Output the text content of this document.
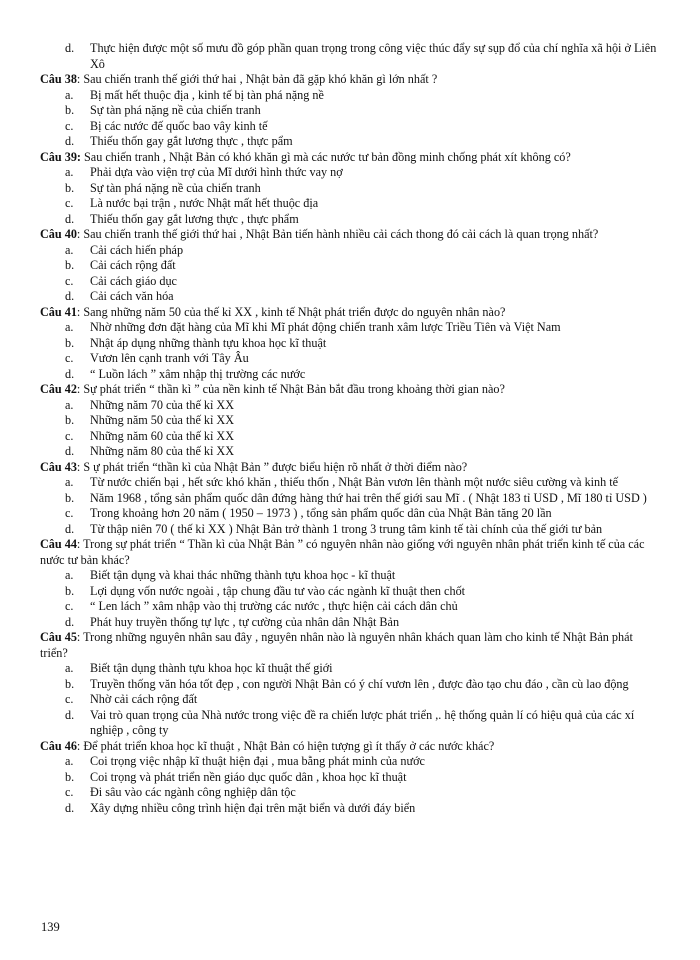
d. Thực hiện được một số mưu đồ góp phần quan trọng trong công việc thúc đẩy sự sụp đổ của chí nghĩa xã hội ở Liên Xô
Câu 38: Sau chiến tranh thế giới thứ hai , Nhật bản đã gặp khó khăn gì lớn nhất ?
a. Bị mất hết thuộc địa , kinh tế bị tàn phá nặng nề
b. Sự tàn phá nặng nề của chiến tranh
c. Bị các nước đế quốc bao vây kinh tế
d. Thiếu thốn gay gắt lương thực , thực pẩm
Câu 39: Sau chiến tranh , Nhật Bản có khó khăn gì mà các nước tư bản đồng minh chống phát xít không có?
a. Phải dựa vào viện trợ của Mĩ dưới hình thức vay nợ
b. Sự tàn phá nặng nề của chiến tranh
c. Là nước bại trận , nước Nhật mất hết thuộc địa
d. Thiếu thốn gay gắt lương thực , thực phẩm
Câu 40: Sau chiến tranh thế giới thứ hai , Nhật Bản tiến hành nhiều cải cách thong đó cải cách là quan trọng nhất?
a. Cải cách hiến pháp
b. Cải cách rộng đất
c. Cải cách giáo dục
d. Cải cách văn hóa
Câu 41: Sang những năm 50 của thế kỉ XX , kinh tế Nhật phát triển được do nguyên nhân nào?
a. Nhờ những đơn đặt hàng của Mĩ khi Mĩ phát động chiến tranh xâm lược Triều Tiên và Việt Nam
b. Nhật áp dụng những thành tựu khoa học kĩ thuật
c. Vươn lên cạnh tranh với Tây Âu
d. “ Luồn lách ” xâm nhập thị trường các nước
Câu 42: Sự phát triển “ thần kì ” của nền kinh tế Nhật Bản bắt đầu trong khoảng thời gian nào?
a. Những năm 70 của thế kỉ XX
b. Những năm 50 của thế kỉ XX
c. Những năm 60 của thế kỉ XX
d. Những năm 80 của thế kỉ XX
Câu 43: S ự phát triển “thần kì của Nhật Bản ” được biểu hiện rõ nhất ở thời điểm nào?
a. Từ nước chiến bại , hết sức khó khăn , thiếu thốn , Nhật Bản vươn lên thành một nước siêu cường và kinh tế
b. Năm 1968 , tổng sản phẩm quốc dân đứng hàng thứ hai trên thế giới sau Mĩ . ( Nhật 183 tỉ USD , Mĩ 180 tỉ USD )
c. Trong khoảng hơn 20 năm ( 1950 – 1973 ) , tổng sản phẩm quốc dân của Nhật Bản tăng 20 lần
d. Từ thập niên 70 ( thế kỉ XX ) Nhật Bản trở thành 1 trong 3 trung tâm kinh tế tài chính của thế giới tư bản
Câu 44: Trong sự phát triển “ Thần kì của Nhật Bản ” có nguyên nhân nào giống với nguyên nhân phát triển kinh tế của các nước tư bản khác?
a. Biết tận dụng và khai thác những thành tựu khoa học - kĩ thuật
b. Lợi dụng vốn nước ngoài , tập chung đầu tư vào các ngành kĩ thuật then chốt
c. “ Len lách ” xâm nhập vào thị trường các nước , thực hiện cải cách dân chủ
d. Phát huy truyền thống tự lực , tự cường của nhân dân Nhật Bản
Câu 45: Trong những nguyên nhân sau đây , nguyên nhân nào là nguyên nhân khách quan làm cho kinh tế Nhật Bản phát triển?
a. Biết tận dụng thành tựu khoa học kĩ thuật thế giới
b. Truyền thống văn hóa tốt đẹp , con người Nhật Bản có ý chí vươn lên , được đào tạo chu đáo , cần cù lao động
c. Nhờ cải cách rộng đất
d. Vai trò quan trọng của Nhà nước trong việc đề ra chiến lược phát triển ,. hệ thống quản lí có hiệu quả của các xí nghiệp , công ty
Câu 46: Để phát triển khoa học kĩ thuật , Nhật Bản có hiện tượng gì ít thấy ở các nước khác?
a. Coi trọng việc nhập kĩ thuật hiện đại , mua bằng phát minh của nước
b. Coi trọng và phát triển nền giáo dục quốc dân , khoa học kĩ thuật
c. Đi sâu vào các ngành công nghiệp dân tộc
d. Xây dựng nhiều công trình hiện đại trên mặt biển và dưới đáy biển
139
